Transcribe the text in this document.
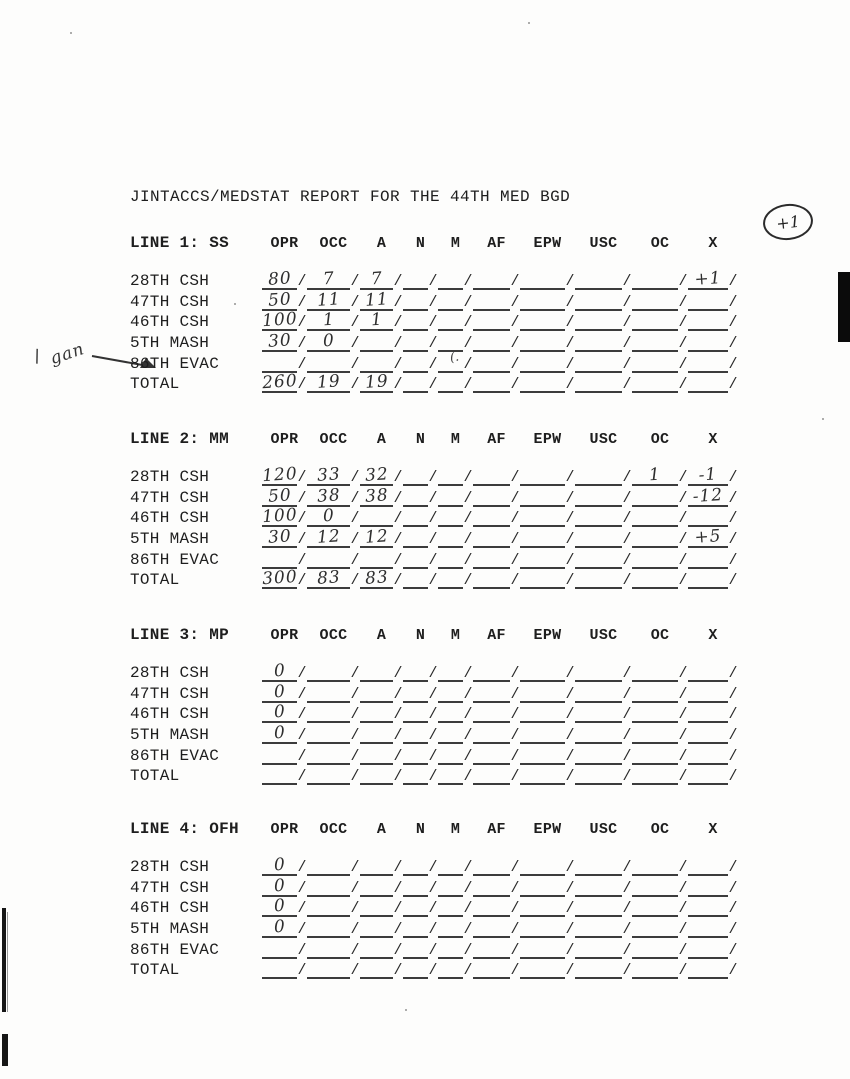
JINTACCS/MEDSTAT REPORT FOR THE 44TH MED BGD
+1
\ gan	(.
LINE 1: SS	OPR	OCC	A	N	M	AF	EPW	USC	OC	X
28TH CSH	80 / 7 / 7 / / /	/	/	/	/ +1 /
47TH CSH	50 / 11 / 11 / / /	/	/	/	/	/
46TH CSH	100 / 1 / 1 / / /	/	/	/	/	/
5TH MASH	30 / 0 / / / /	/	/	/	/	/
86TH EVAC	/	/ / / /	/	/	/	/	/
TOTAL	260 / 19 / 19 / / /	/	/	/	/	/
LINE 2: MM	OPR	OCC	A	N	M	AF	EPW	USC	OC	X
28TH CSH	120 / 33 / 32 / / /	/	/	/ 1 / -1 /
47TH CSH	50 / 38 / 38 / / /	/	/	/	/ -12 /
46TH CSH	100 / 0 / / / /	/	/	/	/	/
5TH MASH	30 / 12 / 12 / / /	/	/	/	/ +5 /
86TH EVAC	/	/ / / /	/	/	/	/	/
TOTAL	300 / 83 / 83 / / /	/	/	/	/	/
LINE 3: MP	OPR	OCC	A	N	M	AF	EPW	USC	OC	X
28TH CSH	0 /	/ / / /	/	/	/	/	/
47TH CSH	0 /	/ / / /	/	/	/	/	/
46TH CSH	0 /	/ / / /	/	/	/	/	/
5TH MASH	0 /	/ / / /	/	/	/	/	/
86TH EVAC	/	/ / / /	/	/	/	/	/
TOTAL	/	/ / / /	/	/	/	/	/
LINE 4: OFH	OPR	OCC	A	N	M	AF	EPW	USC	OC	X
28TH CSH	0 /	/ / / /	/	/	/	/	/
47TH CSH	0 /	/ / / /	/	/	/	/	/
46TH CSH	0 /	/ / / /	/	/	/	/	/
5TH MASH	0 /	/ / / /	/	/	/	/	/
86TH EVAC	/	/ / / /	/	/	/	/	/
TOTAL	/	/ / / /	/	/	/	/	/
